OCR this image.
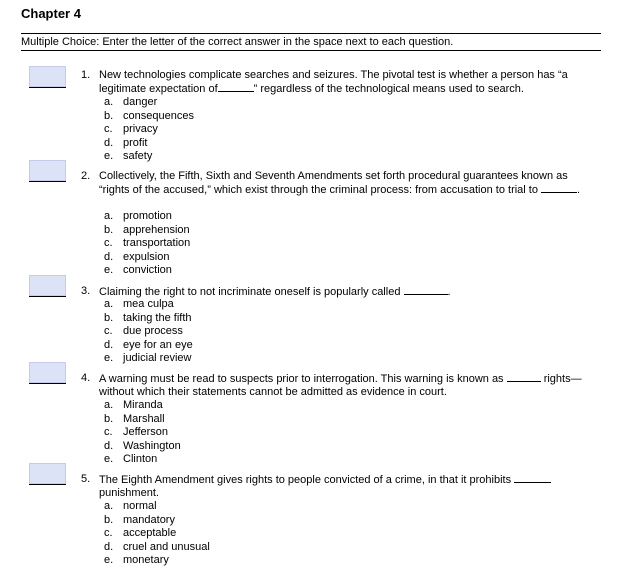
Chapter 4
Multiple Choice: Enter the letter of the correct answer in the space next to each question.
1. New technologies complicate searches and seizures. The pivotal test is whether a person has “a legitimate expectation of	” regardless of the technological means used to search.
a. danger
b. consequences
c. privacy
d. profit
e. safety
2. Collectively, the Fifth, Sixth and Seventh Amendments set forth procedural guarantees known as “rights of the accused,” which exist through the criminal process: from accusation to trial to	.
a. promotion
b. apprehension
c. transportation
d. expulsion
e. conviction
3. Claiming the right to not incriminate oneself is popularly called	.
a. mea culpa
b. taking the fifth
c. due process
d. eye for an eye
e. judicial review
4. A warning must be read to suspects prior to interrogation. This warning is known as	rights—without which their statements cannot be admitted as evidence in court.
a. Miranda
b. Marshall
c. Jefferson
d. Washington
e. Clinton
5. The Eighth Amendment gives rights to people convicted of a crime, in that it prohibits  punishment.
a. normal
b. mandatory
c. acceptable
d. cruel and unusual
e. monetary
